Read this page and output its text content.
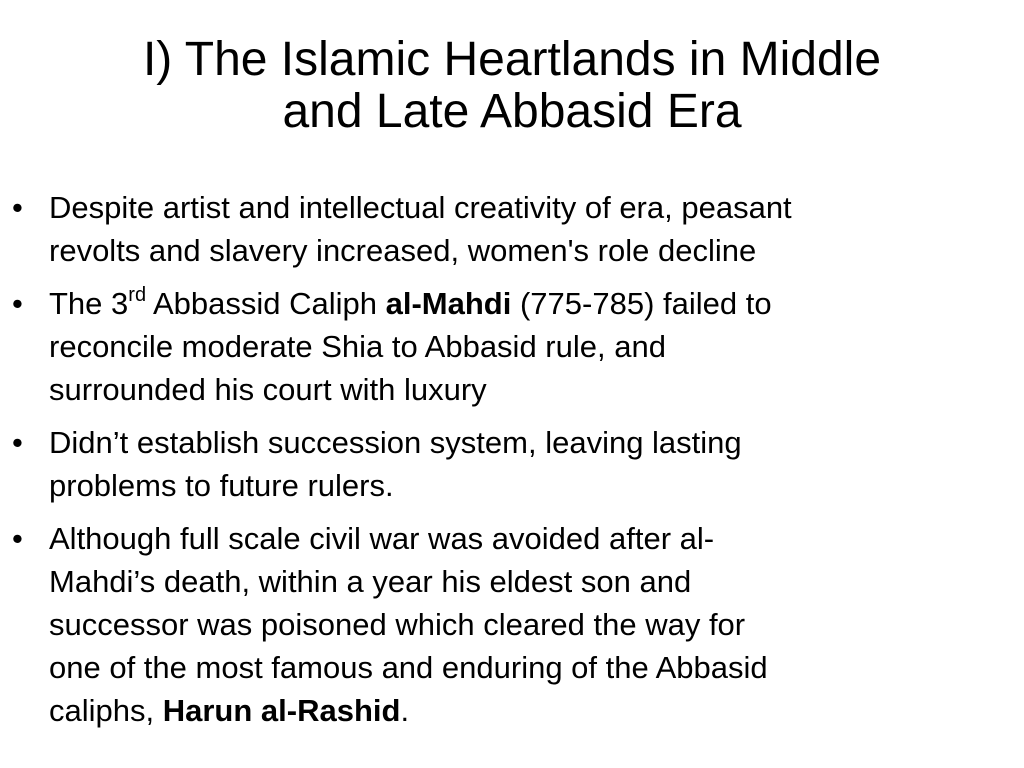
I) The Islamic Heartlands in Middle
and Late Abbasid Era
• Despite artist and intellectual creativity of era, peasant
revolts and slavery increased, women's role decline
• The 3rd Abbassid Caliph al-Mahdi (775-785) failed to
reconcile moderate Shia to Abbasid rule, and
surrounded his court with luxury
• Didn’t establish succession system, leaving lasting
problems to future rulers.
• Although full scale civil war was avoided after al-
Mahdi’s death, within a year his eldest son and
successor was poisoned which cleared the way for
one of the most famous and enduring of the Abbasid
caliphs, Harun al-Rashid.
